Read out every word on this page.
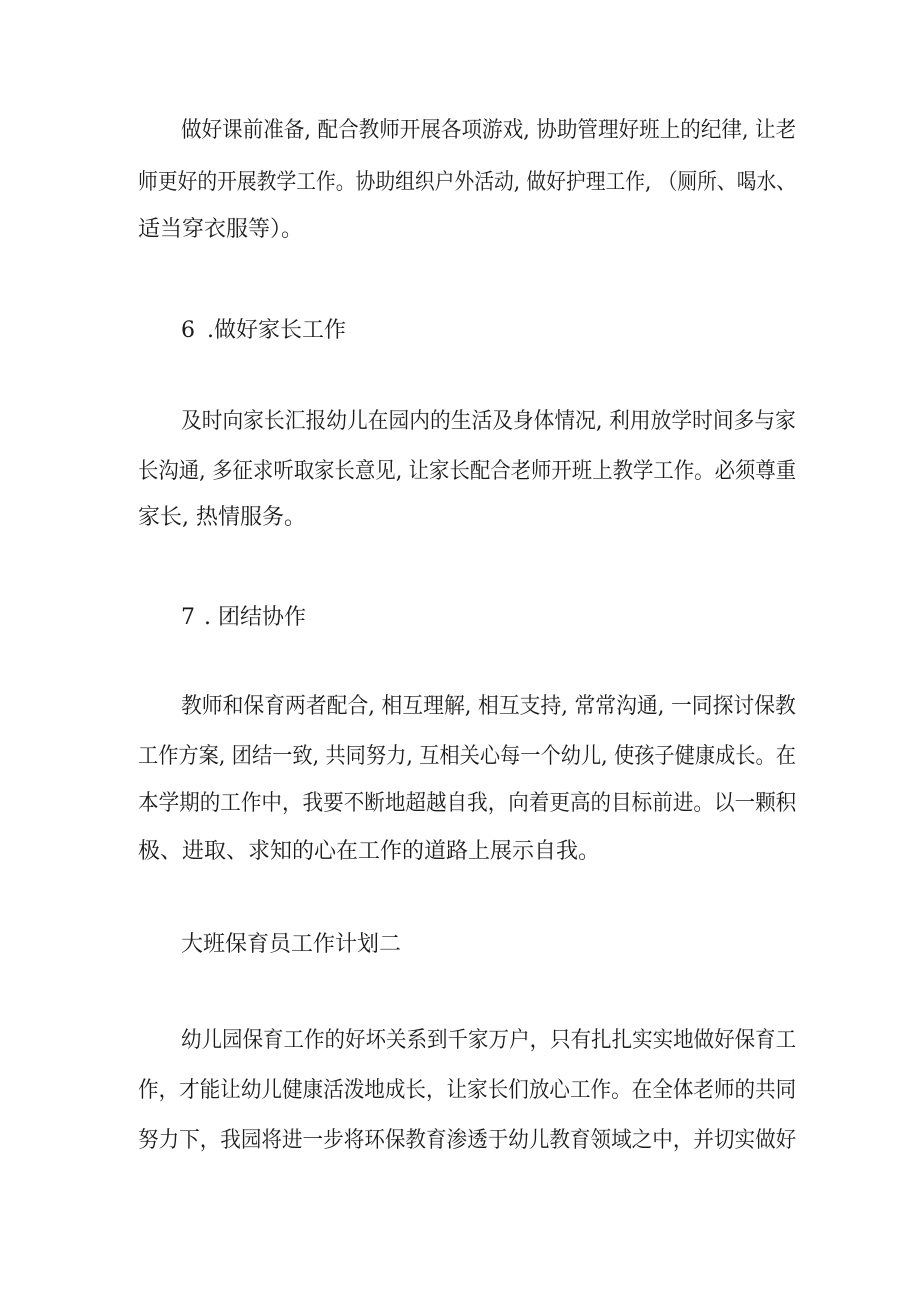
做好课前准备, 配合教师开展各项游戏, 协助管理好班上的纪律, 让老
师更好的开展教学工作。协助组织户外活动, 做好护理工作, （厕所、喝水、
适当穿衣服等）。
6 .做好家长工作
及时向家长汇报幼儿在园内的生活及身体情况, 利用放学时间多与家
长沟通, 多征求听取家长意见, 让家长配合老师开班上教学工作。必须尊重
家长, 热情服务。
7 . 团结协作
教师和保育两者配合, 相互理解, 相互支持, 常常沟通, 一同探讨保教
工作方案, 团结一致, 共同努力, 互相关心每一个幼儿, 使孩子健康成长。在
本学期的工作中，我要不断地超越自我，向着更高的目标前进。以一颗积
极、进取、求知的心在工作的道路上展示自我。
大班保育员工作计划二
幼儿园保育工作的好坏关系到千家万户，只有扎扎实实地做好保育工
作，才能让幼儿健康活泼地成长，让家长们放心工作。在全体老师的共同
努力下，我园将进一步将环保教育渗透于幼儿教育领域之中，并切实做好
